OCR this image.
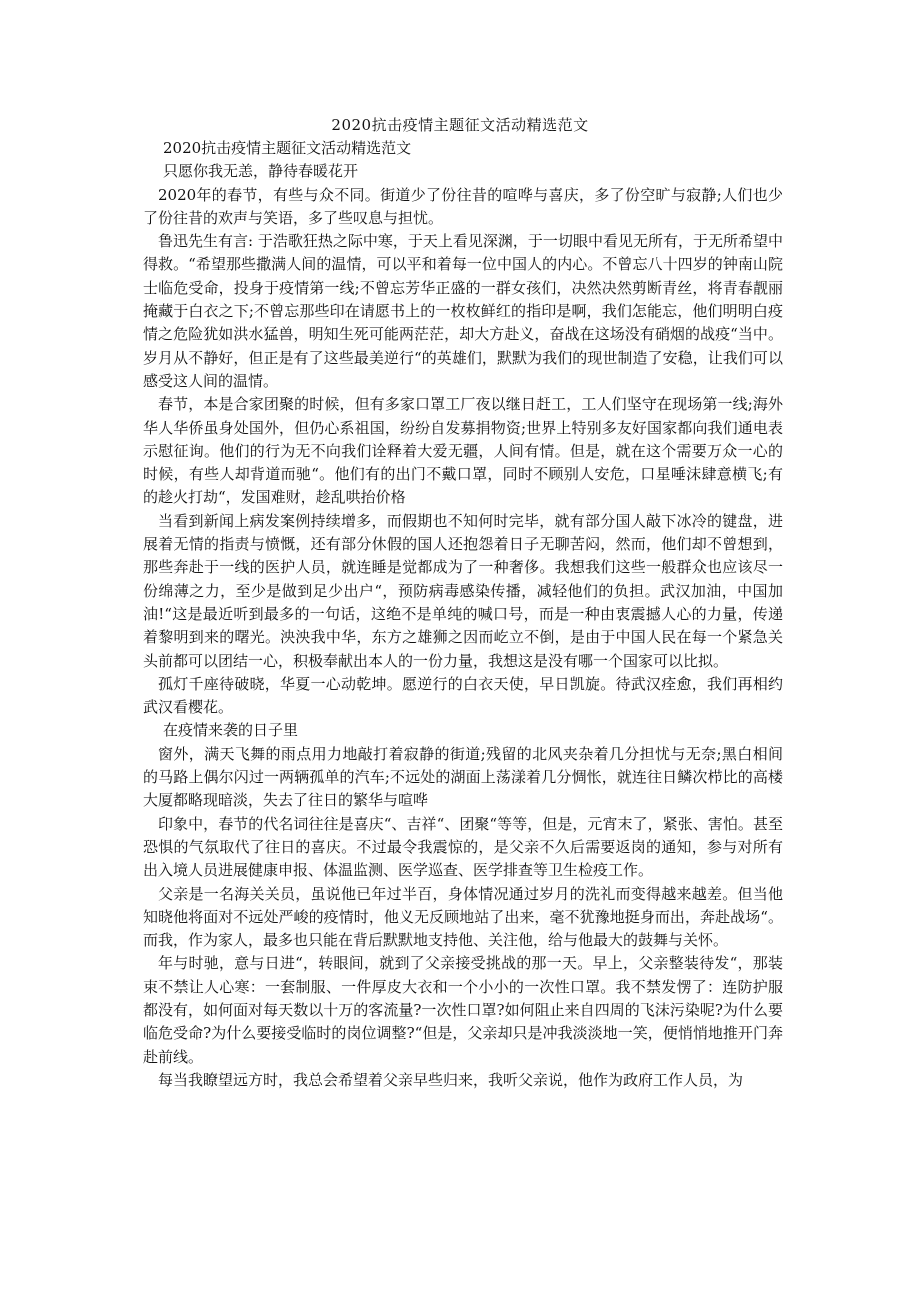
2020抗击疫情主题征文活动精选范文

2020抗击疫情主题征文活动精选范文

只愿你我无恙，静待春暖花开

2020年的春节，有些与众不同。街道少了份往昔的喧哗与喜庆，多了份空旷与寂静;人们也少了份往昔的欢声与笑语，多了些叹息与担忧。

鲁迅先生有言: 于浩歌狂热之际中寒，于天上看见深渊，于一切眼中看见无所有，于无所希望中得救。“希望那些撒满人间的温情，可以平和着每一位中国人的内心。不曾忘八十四岁的钟南山院士临危受命，投身于疫情第一线;不曾忘芳华正盛的一群女孩们，决然决然剪断青丝，将青春靓丽掩藏于白衣之下;不曾忘那些印在请愿书上的一枚枚鲜红的指印是啊，我们怎能忘，他们明明白疫情之危险犹如洪水猛兽，明知生死可能两茫茫，却大方赴义，奋战在这场没有硝烟的战疫“当中。岁月从不静好，但正是有了这些最美逆行“的英雄们，默默为我们的现世制造了安稳，让我们可以感受这人间的温情。

春节，本是合家团聚的时候，但有多家口罩工厂夜以继日赶工，工人们坚守在现场第一线;海外华人华侨虽身处国外，但仍心系祖国，纷纷自发募捐物资;世界上特别多友好国家都向我们通电表示慰征询。他们的行为无不向我们诠释着大爱无疆，人间有情。但是，就在这个需要万众一心的时候，有些人却背道而驰“。他们有的出门不戴口罩，同时不顾别人安危，口星唾沫肆意横飞;有的趁火打劫“，发国难财，趁乱哄抬价格

当看到新闻上病发案例持续增多，而假期也不知何时完毕，就有部分国人敲下冰冷的键盘，进展着无情的指责与愤慨，还有部分休假的国人还抱怨着日子无聊苦闷，然而，他们却不曾想到，那些奔赴于一线的医护人员，就连睡是觉都成为了一种奢侈。我想我们这些一般群众也应该尽一份绵薄之力，至少是做到足少出户“，预防病毒感染传播，减轻他们的负担。武汉加油，中国加油!“这是最近听到最多的一句话，这绝不是单纯的喊口号，而是一种由衷震撼人心的力量，传递着黎明到来的曙光。泱泱我中华，东方之雄狮之因而屹立不倒，是由于中国人民在每一个紧急关头前都可以团结一心，积极奉献出本人的一份力量，我想这是没有哪一个国家可以比拟。

孤灯千座待破晓，华夏一心动乾坤。愿逆行的白衣天使，早日凯旋。待武汉痊愈，我们再相约武汉看樱花。

在疫情来袭的日子里

窗外，满天飞舞的雨点用力地敲打着寂静的街道;残留的北风夹杂着几分担忧与无奈;黑白相间的马路上偶尔闪过一两辆孤单的汽车;不远处的湖面上荡漾着几分惆怅，就连往日鳞次栉比的高楼大厦都略现暗淡，失去了往日的繁华与喧哗

印象中，春节的代名词往往是喜庆“、吉祥“、团聚“等等，但是，元宵末了，紧张、害怕。甚至恐惧的气氛取代了往日的喜庆。不过最令我震惊的，是父亲不久后需要返岗的通知，参与对所有出入境人员进展健康申报、体温监测、医学巡查、医学排查等卫生检疫工作。

父亲是一名海关关员，虽说他已年过半百，身体情况通过岁月的洗礼而变得越来越差。但当他知晓他将面对不远处严峻的疫情时，他义无反顾地站了出来，毫不犹豫地挺身而出，奔赴战场“。而我，作为家人，最多也只能在背后默默地支持他、关注他，给与他最大的鼓舞与关怀。

年与时驰，意与日进“，转眼间，就到了父亲接受挑战的那一天。早上，父亲整装待发“，那装束不禁让人心寒：一套制服、一件厚皮大衣和一个小小的一次性口罩。我不禁发愣了：连防护服都没有，如何面对每天数以十万的客流量?一次性口罩?如何阻止来自四周的飞沫污染呢?为什么要临危受命?为什么要接受临时的岗位调整?“但是，父亲却只是冲我淡淡地一笑，便悄悄地推开门奔赴前线。

每当我瞭望远方时，我总会希望着父亲早些归来，我听父亲说，他作为政府工作人员，为
